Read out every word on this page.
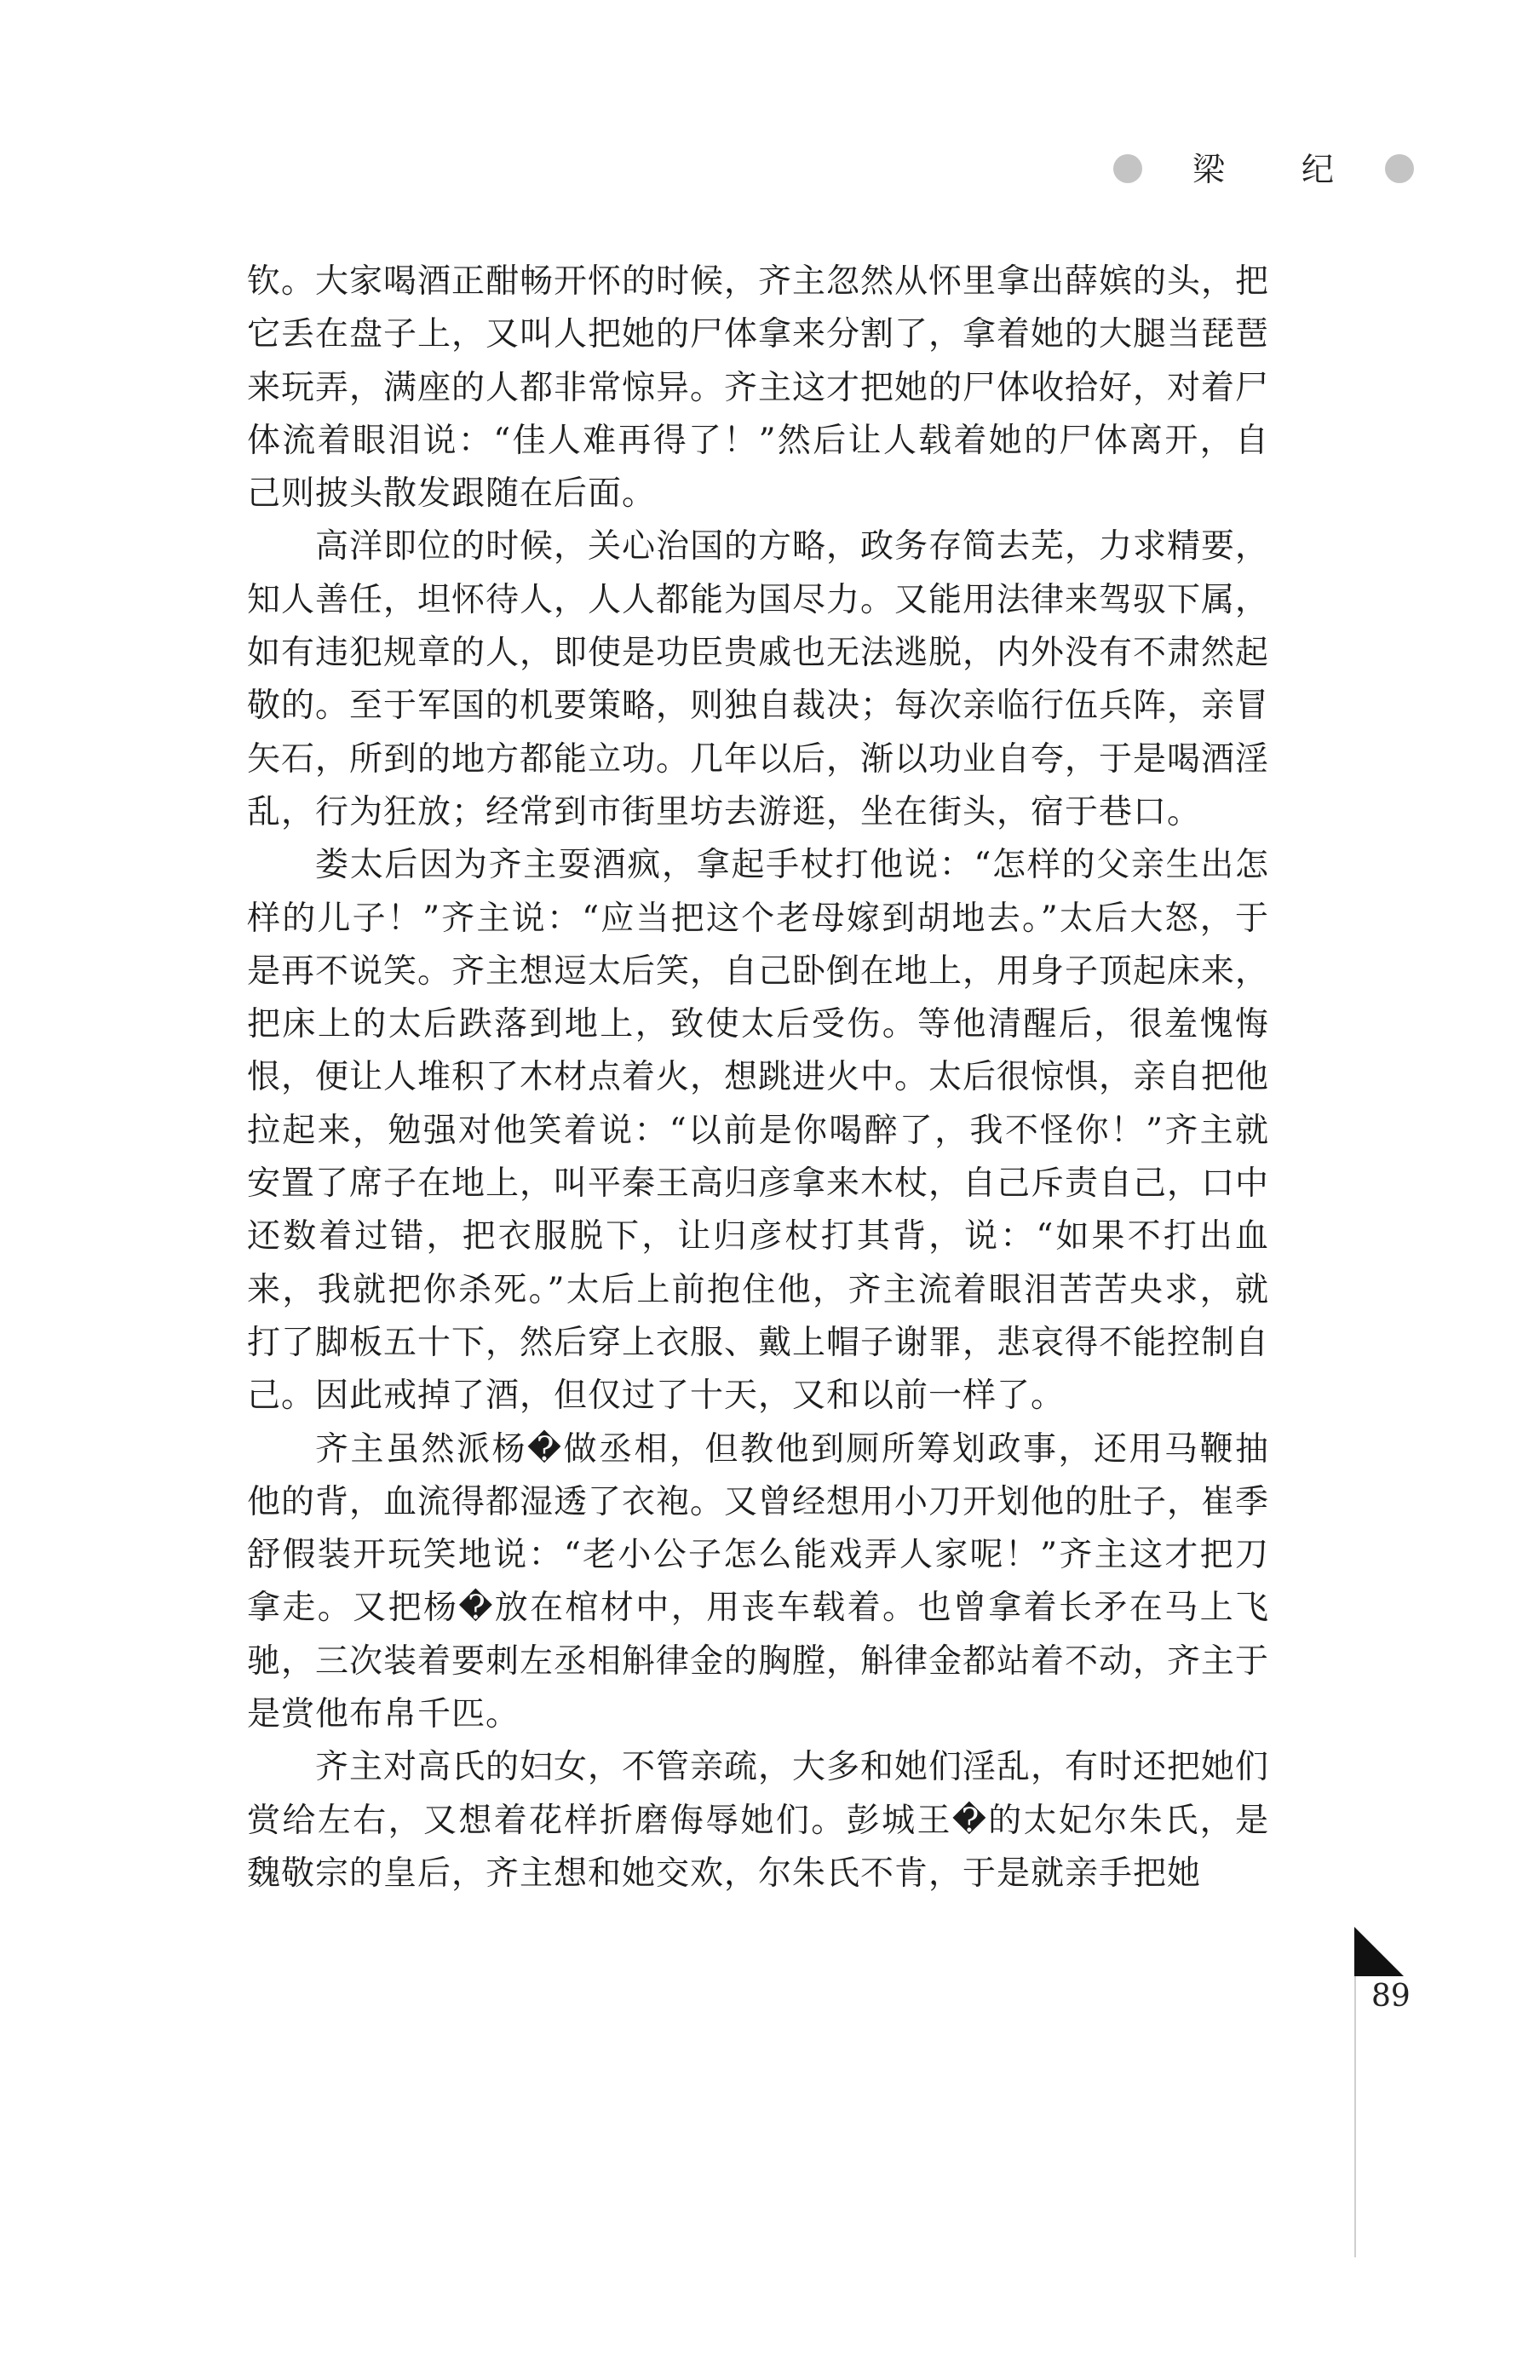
梁 纪

钦。大家喝酒正酣畅开怀的时候，齐主忽然从怀里拿出薛嫔的头，把它丢在盘子上，又叫人把她的尸体拿来分割了，拿着她的大腿当琵琶来玩弄，满座的人都非常惊异。齐主这才把她的尸体收拾好，对着尸体流着眼泪说：“佳人难再得了！”然后让人载着她的尸体离开，自己则披头散发跟随在后面。

高洋即位的时候，关心治国的方略，政务存简去芜，力求精要，知人善任，坦怀待人，人人都能为国尽力。又能用法律来驾驭下属，如有违犯规章的人，即使是功臣贵戚也无法逃脱，内外没有不肃然起敬的。至于军国的机要策略，则独自裁决；每次亲临行伍兵阵，亲冒矢石，所到的地方都能立功。几年以后，渐以功业自夸，于是喝酒淫乱，行为狂放；经常到市街里坊去游逛，坐在街头，宿于巷口。

娄太后因为齐主耍酒疯，拿起手杖打他说：“怎样的父亲生出怎样的儿子！”齐主说：“应当把这个老母嫁到胡地去。”太后大怒，于是再不说笑。齐主想逗太后笑，自己卧倒在地上，用身子顶起床来，把床上的太后跌落到地上，致使太后受伤。等他清醒后，很羞愧悔恨，便让人堆积了木材点着火，想跳进火中。太后很惊惧，亲自把他拉起来，勉强对他笑着说：“以前是你喝醉了，我不怪你！”齐主就安置了席子在地上，叫平秦王高归彦拿来木杖，自己斥责自己，口中还数着过错，把衣服脱下，让归彦杖打其背，说：“如果不打出血来，我就把你杀死。”太后上前抱住他，齐主流着眼泪苦苦央求，就打了脚板五十下，然后穿上衣服、戴上帽子谢罪，悲哀得不能控制自己。因此戒掉了酒，但仅过了十天，又和以前一样了。

齐主虽然派杨�做丞相，但教他到厕所筹划政事，还用马鞭抽他的背，血流得都湿透了衣袍。又曾经想用小刀开划他的肚子，崔季舒假装开玩笑地说：“老小公子怎么能戏弄人家呢！”齐主这才把刀拿走。又把杨�放在棺材中，用丧车载着。也曾拿着长矛在马上飞驰，三次装着要刺左丞相斛律金的胸膛，斛律金都站着不动，齐主于是赏他布帛千匹。

齐主对高氏的妇女，不管亲疏，大多和她们淫乱，有时还把她们赏给左右，又想着花样折磨侮辱她们。彭城王�的太妃尔朱氏，是魏敬宗的皇后，齐主想和她交欢，尔朱氏不肯，于是就亲手把她

89
